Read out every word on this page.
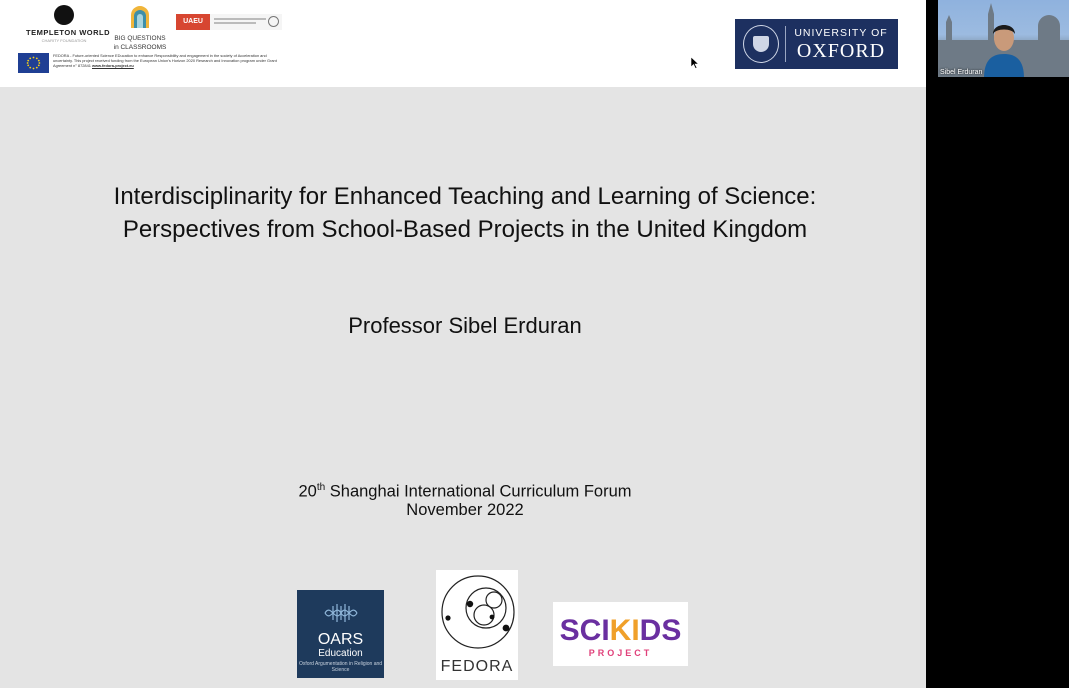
TEMPLETON WORLD
CHARITY FOUNDATION	BIG QUESTIONS
in CLASSROOMS
UAEU
FEDORA - Future-oriented Science EDucation to enhance Responsibility and engagement in the society of Acceleration and uncertainty. This project received funding from the European Union's Horizon 2020 Research and Innovation program under Grant Agreement n° 872841 www.fedora-project.eu
UNIVERSITY OF
OXFORD
Interdisciplinarity for Enhanced Teaching and Learning of Science:
Perspectives from School-Based Projects in the United Kingdom
Professor Sibel Erduran
20th Shanghai International Curriculum Forum
November 2022
OARS
Education
Oxford Argumentation in Religion and Science	FEDORA
SCIKIDS
PROJECT
Sibel Erduran
